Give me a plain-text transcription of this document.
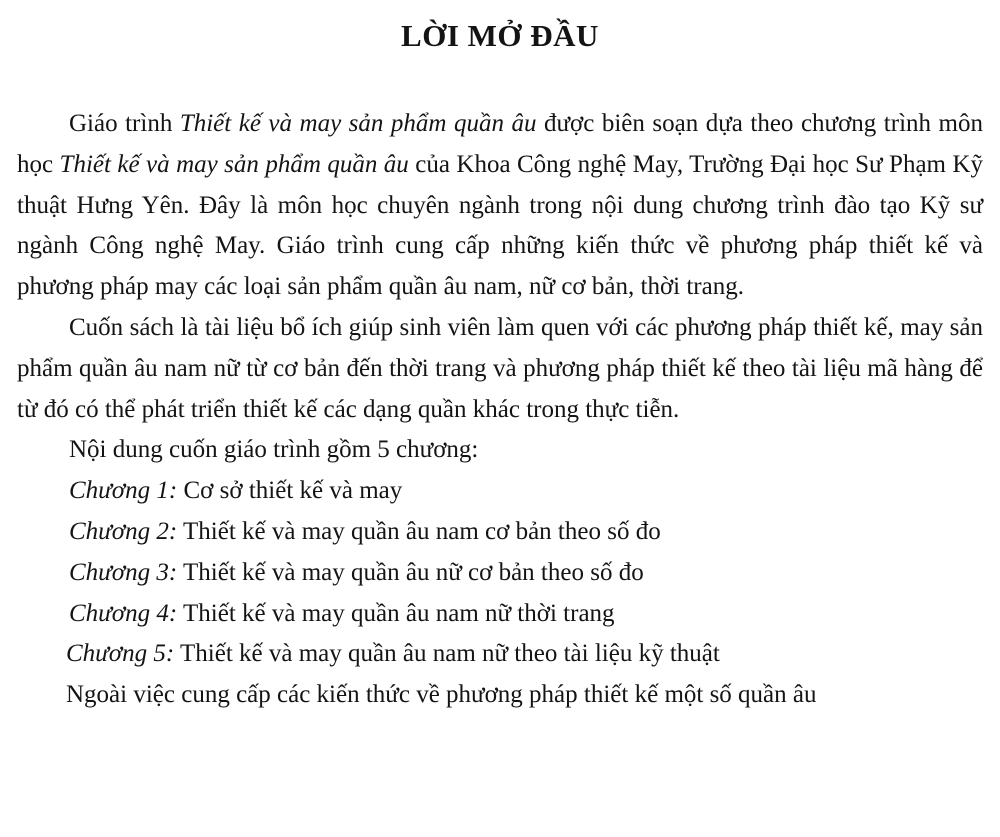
LỜI MỞ ĐẦU

Giáo trình Thiết kế và may sản phẩm quần âu được biên soạn dựa theo chương trình môn học Thiết kế và may sản phẩm quần âu của Khoa Công nghệ May, Trường Đại học Sư Phạm Kỹ thuật Hưng Yên. Đây là môn học chuyên ngành trong nội dung chương trình đào tạo Kỹ sư ngành Công nghệ May. Giáo trình cung cấp những kiến thức về phương pháp thiết kế và phương pháp may các loại sản phẩm quần âu nam, nữ cơ bản, thời trang.

Cuốn sách là tài liệu bổ ích giúp sinh viên làm quen với các phương pháp thiết kế, may sản phẩm quần âu nam nữ từ cơ bản đến thời trang và phương pháp thiết kế theo tài liệu mã hàng để từ đó có thể phát triển thiết kế các dạng quần khác trong thực tiễn.

Nội dung cuốn giáo trình gồm 5 chương:

Chương 1: Cơ sở thiết kế và may

Chương 2: Thiết kế và may quần âu nam cơ bản theo số đo

Chương 3: Thiết kế và may quần âu nữ cơ bản theo số đo

Chương 4: Thiết kế và may quần âu nam nữ thời trang

Chương 5: Thiết kế và may quần âu nam nữ theo tài liệu kỹ thuật

Ngoài việc cung cấp các kiến thức về phương pháp thiết kế một số quần âu
